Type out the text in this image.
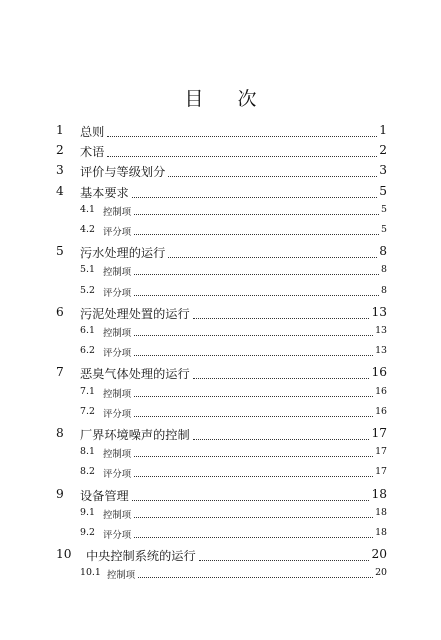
目 次
1 总则	1
2 术语	2
3 评价与等级划分	3
4 基本要求	5
4.1 控制项	5
4.2 评分项	5
5 污水处理的运行	8
5.1 控制项	8
5.2 评分项	8
6 污泥处理处置的运行	13
6.1 控制项	13
6.2 评分项	13
7 恶臭气体处理的运行	16
7.1 控制项	16
7.2 评分项	16
8 厂界环境噪声的控制	17
8.1 控制项	17
8.2 评分项	17
9 设备管理	18
9.1 控制项	18
9.2 评分项	18
10 中央控制系统的运行	20
10.1 控制项	20
